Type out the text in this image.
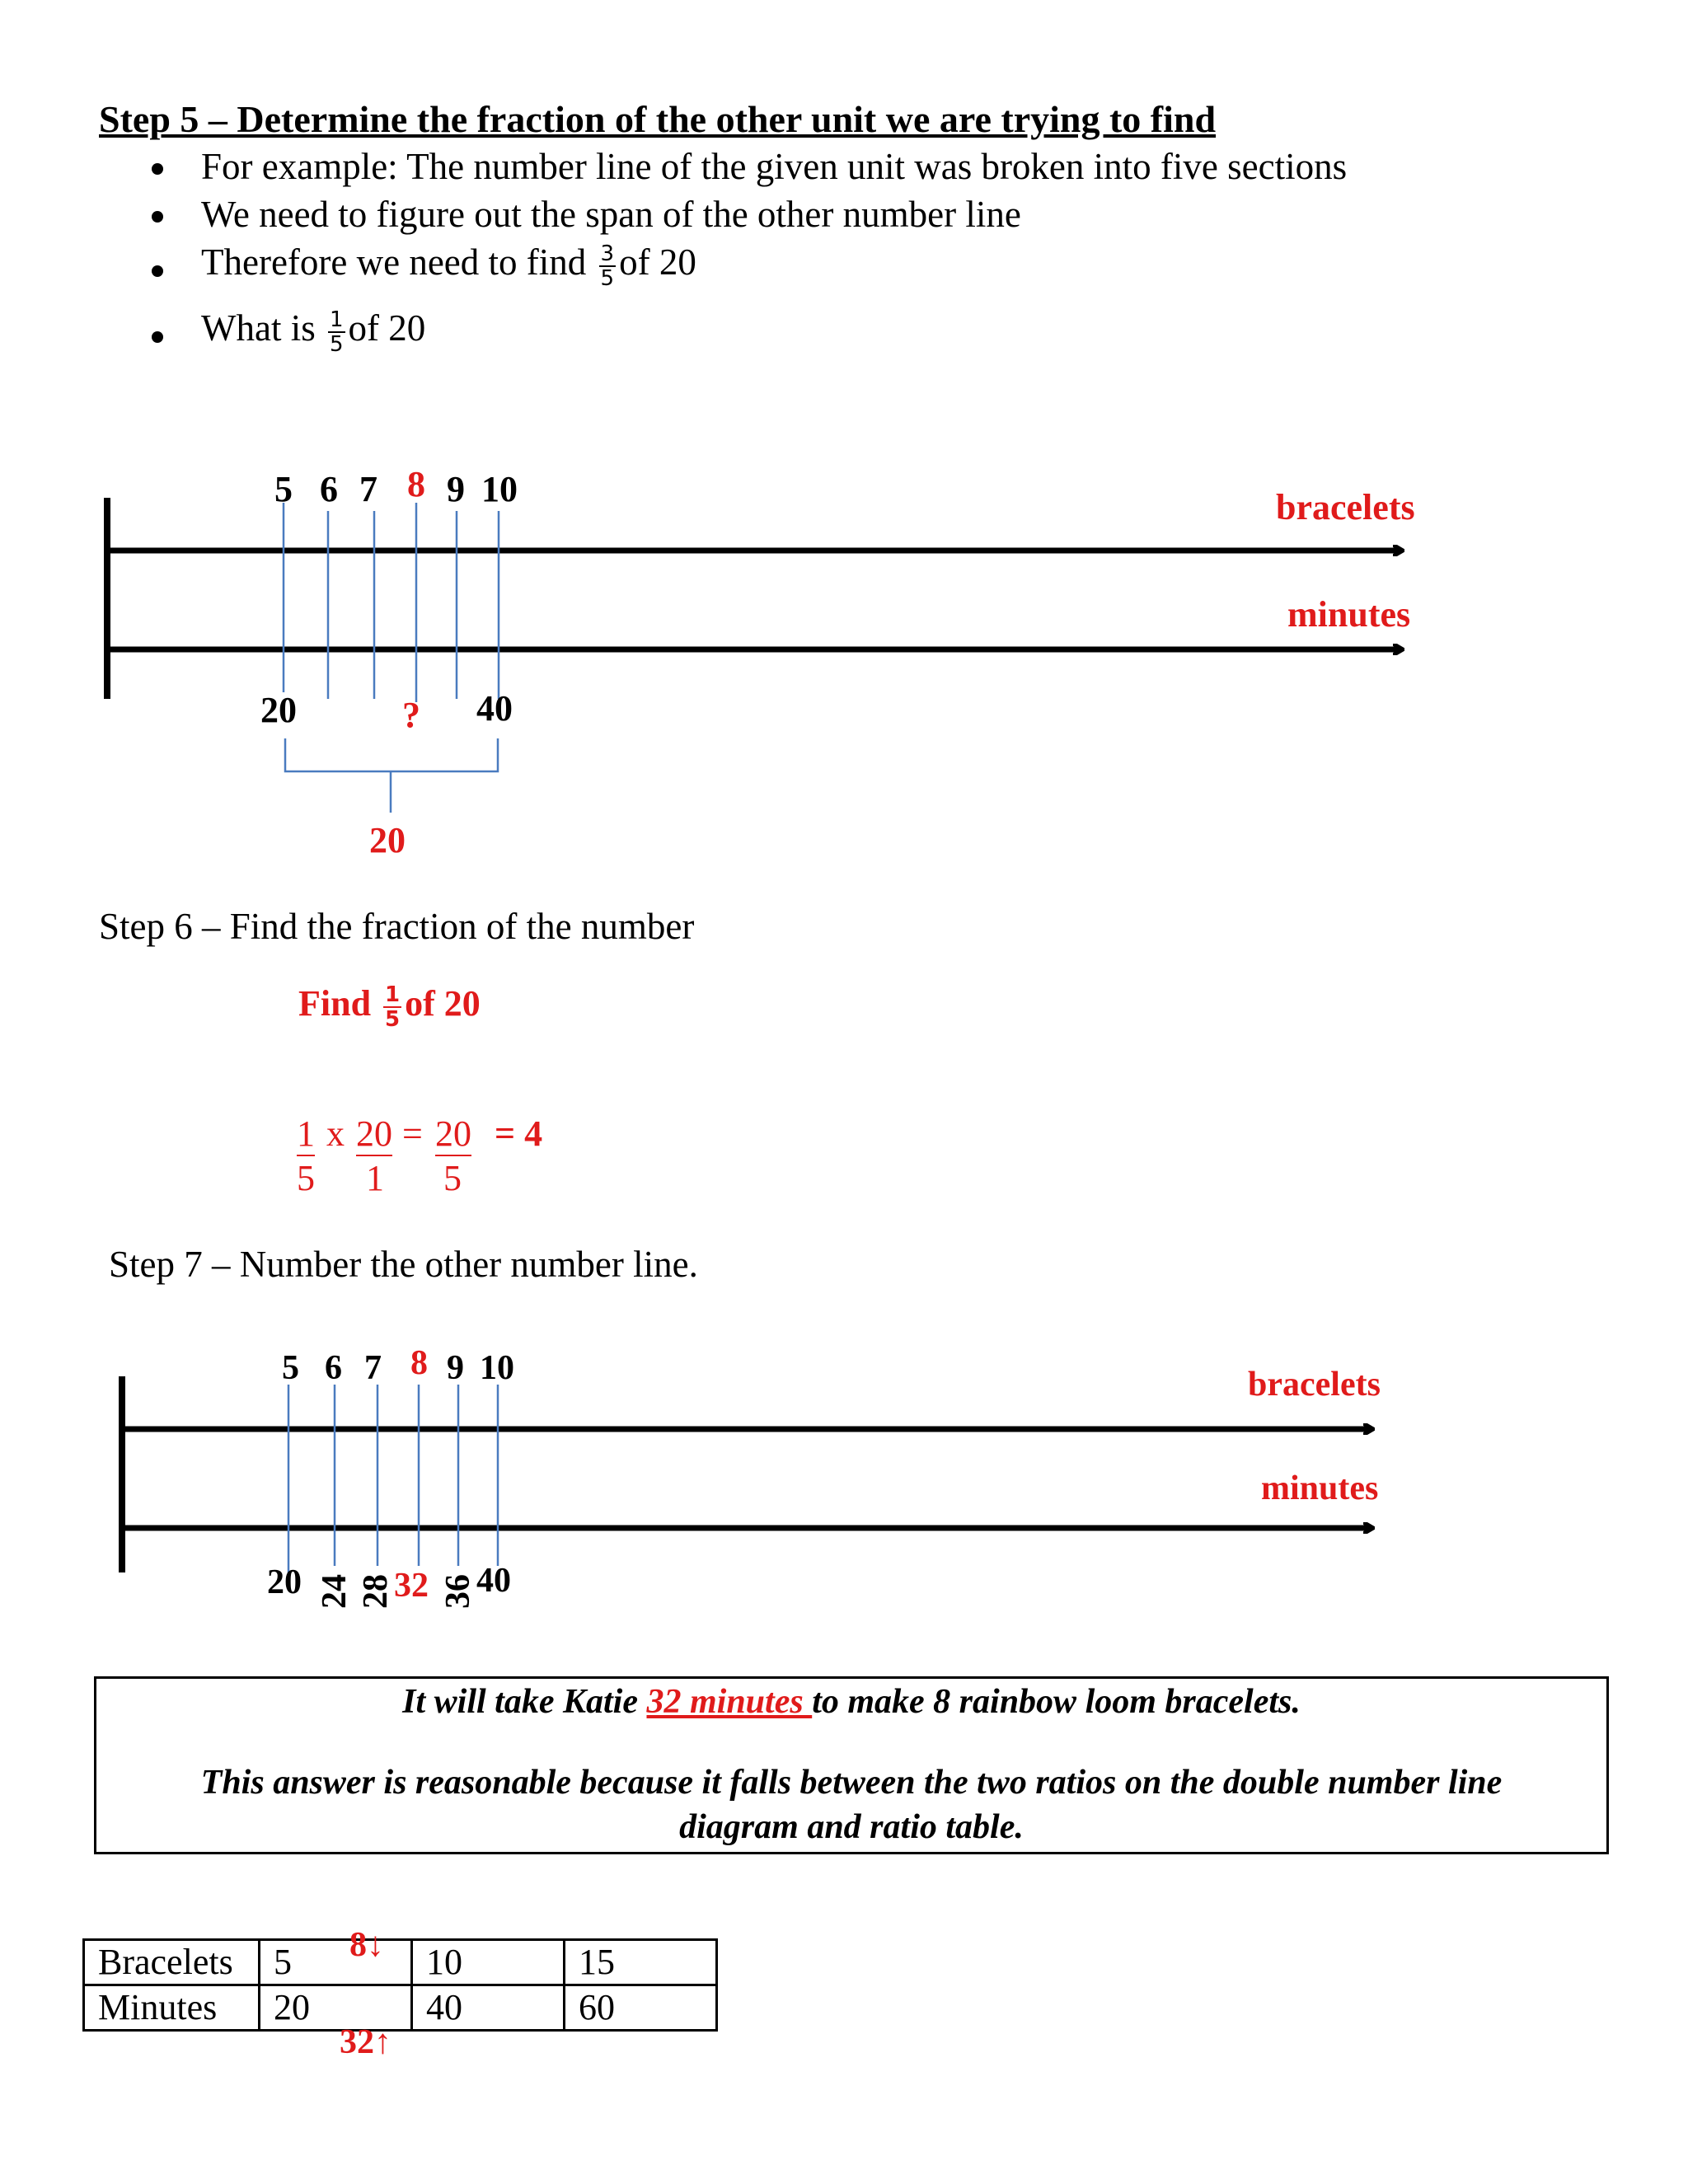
Step 5 – Determine the fraction of the other unit we are trying to find
For example: The number line of the given unit was broken into five sections
We need to figure out the span of the other number line
Therefore we need to find $\frac{3}{5}$ of 20
What is $\frac{1}{5}$ of 20
5 6 7 8 9 10	bracelets
minutes
20	? 40
20
Step 6 – Find the fraction of the number
Find $\frac{1}{5}$ of 20
1
5
x 20
1
= 20
5
= 4
Step 7 – Number the other number line.
5 6 7 8 9 10	bracelets
minutes
20 24 28 32 36 40
It will take Katie 32 minutes to make 8 rainbow loom bracelets.
This answer is reasonable because it falls between the two ratios on the double number line
diagram and ratio table.
Bracelets	5	10	15
Minutes	20	40	60
8↓
32↑
